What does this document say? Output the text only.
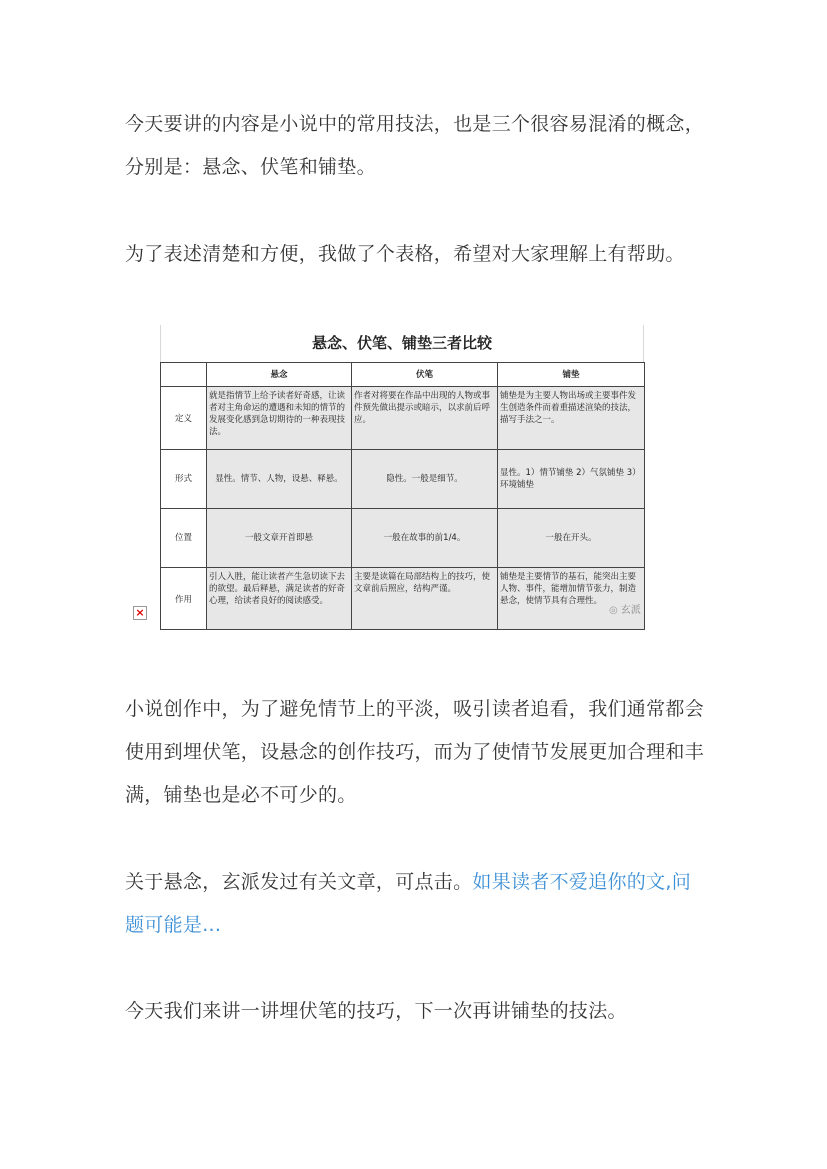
今天要讲的内容是小说中的常用技法，也是三个很容易混淆的概念，分别是：悬念、伏笔和铺垫。

为了表述清楚和方便，我做了个表格，希望对大家理解上有帮助。

悬念、伏笔、铺垫三者比较
	悬念	伏笔	铺垫
定义	就是指情节上给予读者好奇感，让读者对主角命运的遭遇和未知的情节的发展变化感到急切期待的一种表现技法。	作者对将要在作品中出现的人物或事件预先做出提示或暗示，以求前后呼应。	铺垫是为主要人物出场或主要事件发生创造条件而着重描述渲染的技法，描写手法之一。
形式	显性。情节、人物，设悬、释悬。	隐性。一般是细节。	显性。1）情节铺垫 2）气氛铺垫 3）环境铺垫
位置	一般文章开首即悬	一般在故事的前1/4。	一般在开头。
作用	引人入胜，能让读者产生急切读下去的欲望。最后释悬，满足读者的好奇心理，给读者良好的阅读感受。	主要是读篇在局部结构上的技巧，使文章前后照应，结构严谨。	铺垫是主要情节的基石，能突出主要人物、事件，能增加情节张力，制造悬念，使情节具有合理性。
◎ 玄派
×

小说创作中，为了避免情节上的平淡，吸引读者追看，我们通常都会使用到埋伏笔，设悬念的创作技巧，而为了使情节发展更加合理和丰满，铺垫也是必不可少的。

关于悬念，玄派发过有关文章，可点击。如果读者不爱追你的文,问题可能是...

今天我们来讲一讲埋伏笔的技巧，下一次再讲铺垫的技法。
